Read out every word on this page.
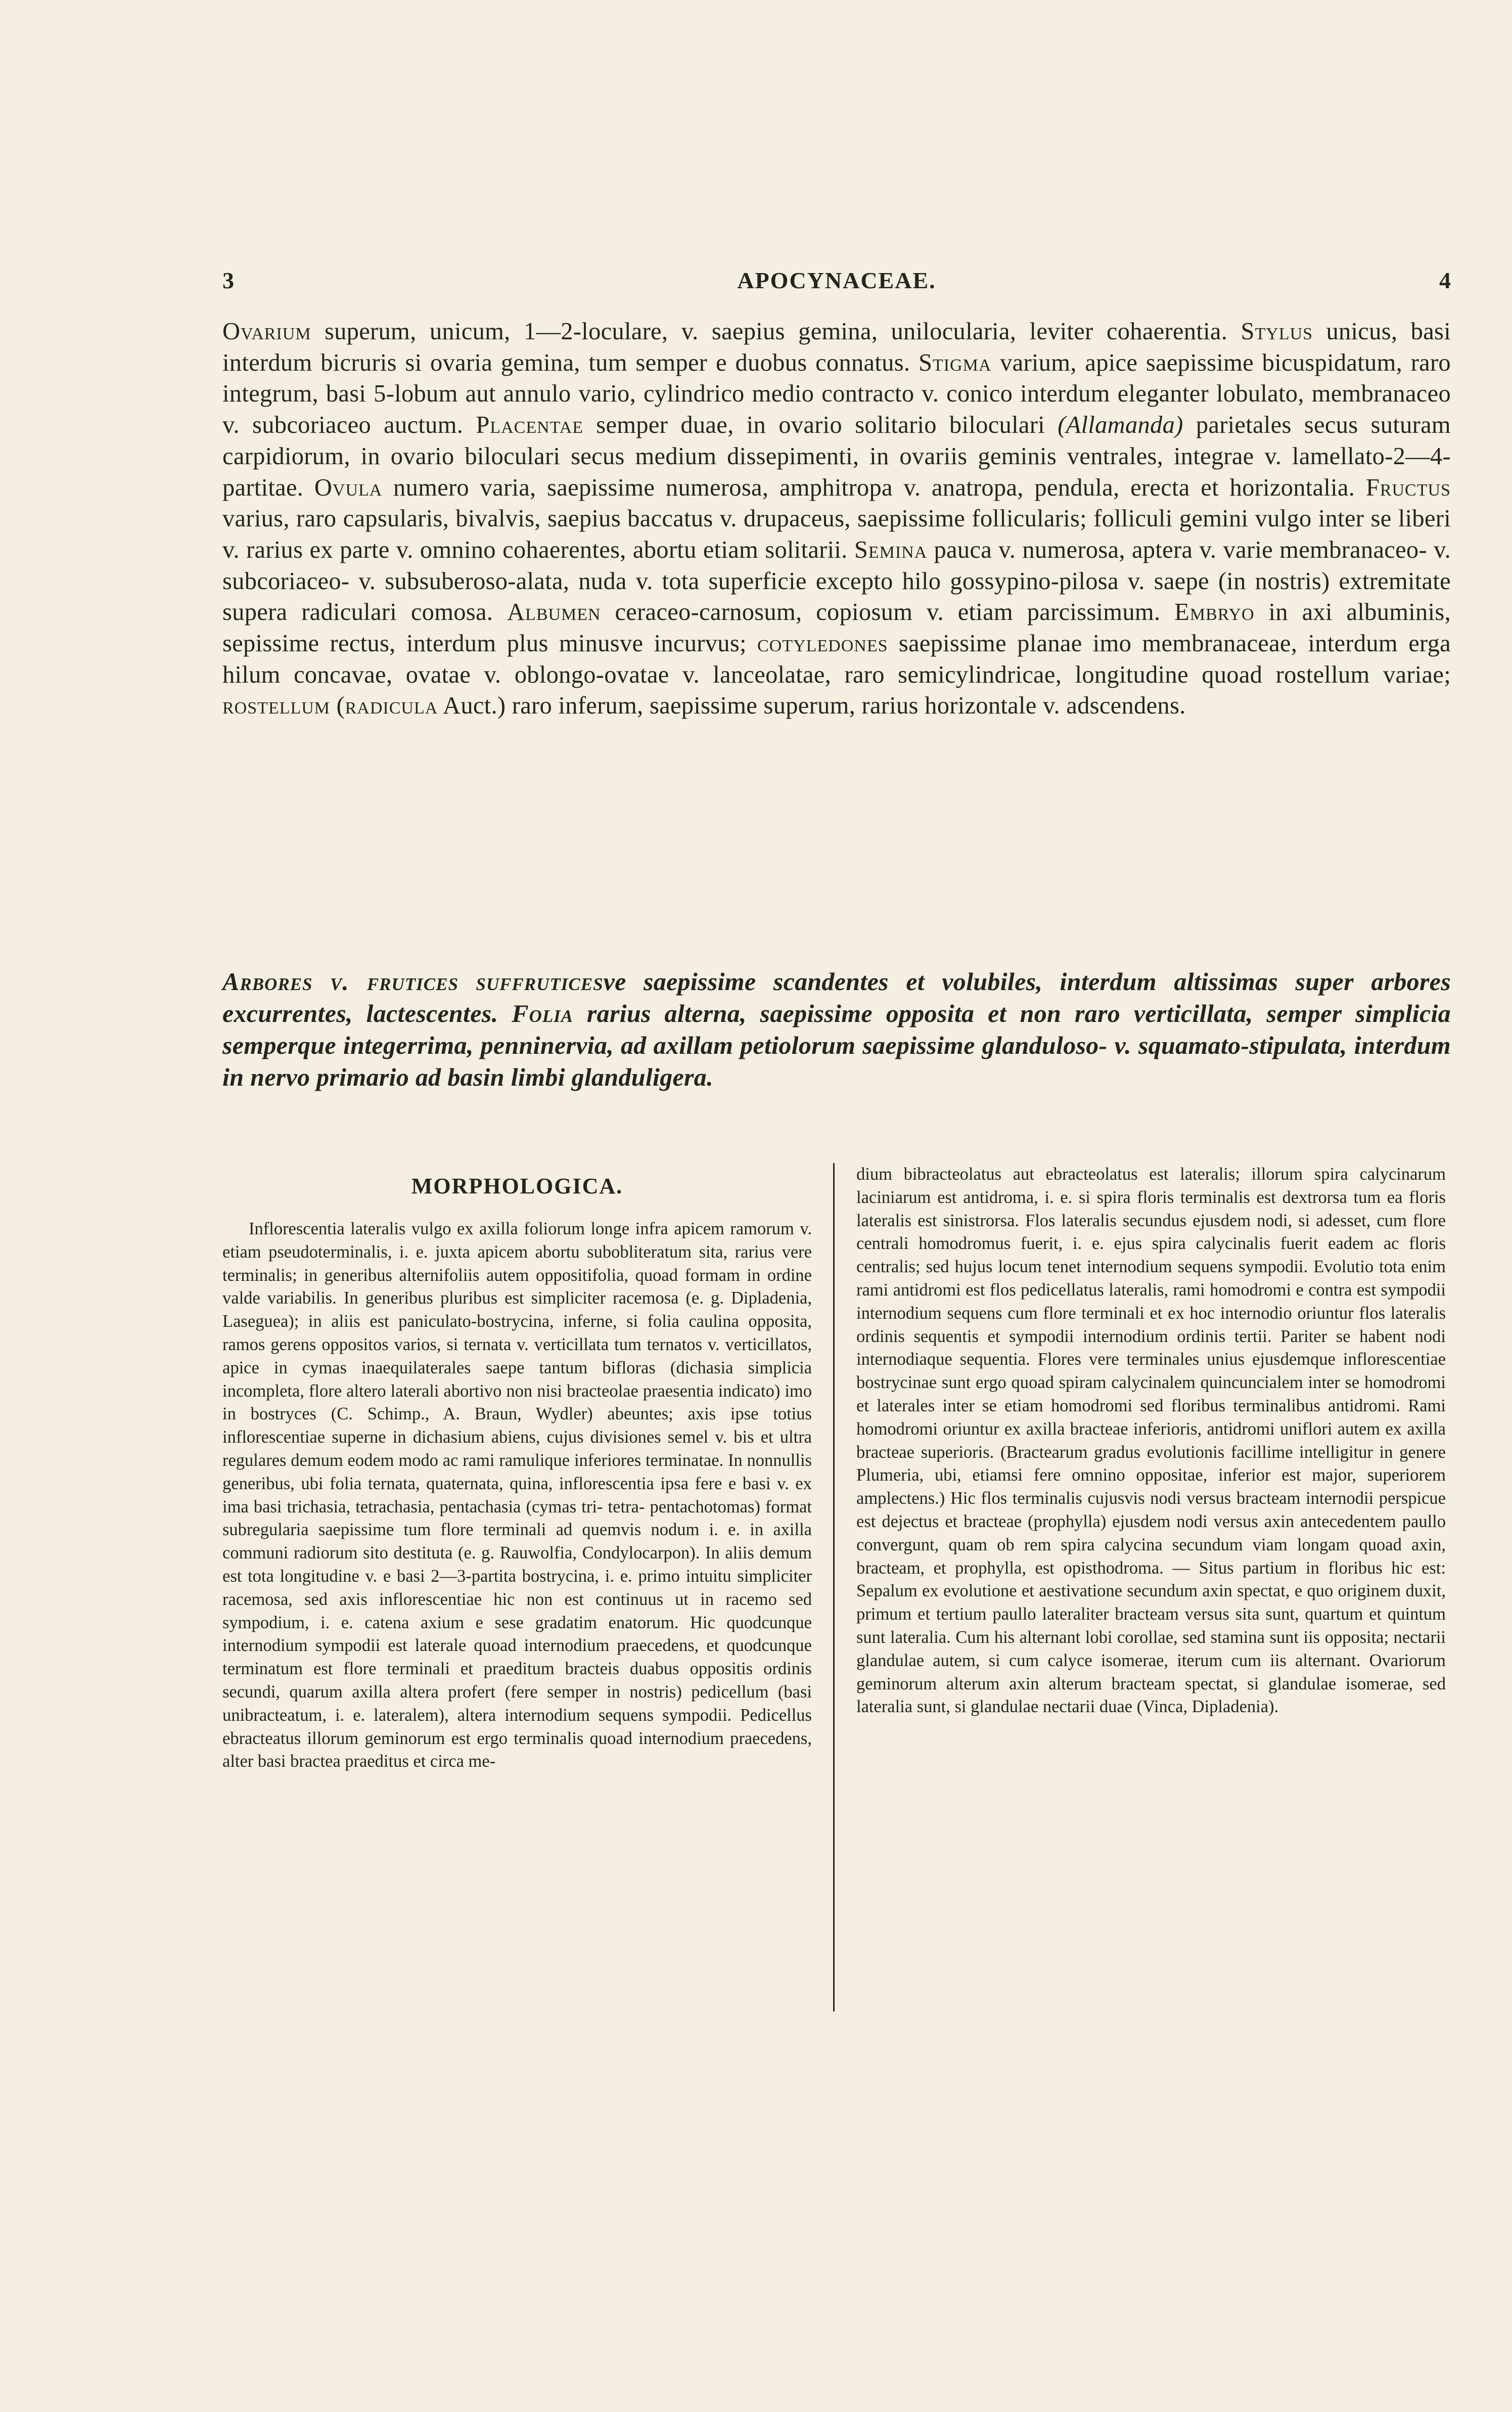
3	APOCYNACEAE.	4

Ovarium superum, unicum, 1—2-loculare, v. saepius gemina, unilocularia, leviter cohaerentia. Stylus unicus, basi interdum bicruris si ovaria gemina, tum semper e duobus connatus. Stigma varium, apice saepissime bicuspidatum, raro integrum, basi 5-lobum aut annulo vario, cylindrico medio contracto v. conico interdum eleganter lobulato, membranaceo v. subcoriaceo auctum. Placentae semper duae, in ovario solitario biloculari (Allamanda) parietales secus suturam carpidiorum, in ovario biloculari secus medium dissepimenti, in ovariis geminis ventrales, integrae v. lamellato-2—4-partitae. Ovula numero varia, saepissime numerosa, amphitropa v. anatropa, pendula, erecta et horizontalia. Fructus varius, raro capsularis, bivalvis, saepius baccatus v. drupaceus, saepissime follicularis; folliculi gemini vulgo inter se liberi v. rarius ex parte v. omnino cohaerentes, abortu etiam solitarii. Semina pauca v. numerosa, aptera v. varie membranaceo- v. subcoriaceo- v. subsuberoso-alata, nuda v. tota superficie excepto hilo gossypino-pilosa v. saepe (in nostris) extremitate supera radiculari comosa. Albumen ceraceo-carnosum, copiosum v. etiam parcissimum. Embryo in axi albuminis, sepissime rectus, interdum plus minusve incurvus; cotyledones saepissime planae imo membranaceae, interdum erga hilum concavae, ovatae v. oblongo-ovatae v. lanceolatae, raro semicylindricae, longitudine quoad rostellum variae; rostellum (radicula Auct.) raro inferum, saepissime superum, rarius horizontale v. adscendens.

Arbores v. frutices suffruticesve saepissime scandentes et volubiles, interdum altissimas super arbores excurrentes, lactescentes. Folia rarius alterna, saepissime opposita et non raro verticillata, semper simplicia semperque integerrima, penninervia, ad axillam petiolorum saepissime glanduloso- v. squamato-stipulata, interdum in nervo primario ad basin limbi glanduligera.
MORPHOLOGICA.

Inflorescentia lateralis vulgo ex axilla foliorum longe infra apicem ramorum v. etiam pseudoterminalis, i. e. juxta apicem abortu subobliteratum sita, rarius vere terminalis; in generibus alternifoliis autem oppositifolia, quoad formam in ordine valde variabilis. In generibus pluribus est simpliciter racemosa (e. g. Dipladenia, Laseguea); in aliis est paniculato-bostrycina, inferne, si folia caulina opposita, ramos gerens oppositos varios, si ternata v. verticillata tum ternatos v. verticillatos, apice in cymas inaequilaterales saepe tantum bifloras (dichasia simplicia incompleta, flore altero laterali abortivo non nisi bracteolae praesentia indicato) imo in bostryces (C. Schimp., A. Braun, Wydler) abeuntes; axis ipse totius inflorescentiae superne in dichasium abiens, cujus divisiones semel v. bis et ultra regulares demum eodem modo ac rami ramulique inferiores terminatae. In nonnullis generibus, ubi folia ternata, quaternata, quina, inflorescentia ipsa fere e basi v. ex ima basi trichasia, tetrachasia, pentachasia (cymas tri- tetra- pentachotomas) format subregularia saepissime tum flore terminali ad quemvis nodum i. e. in axilla communi radiorum sito destituta (e. g. Rauwolfia, Condylocarpon). In aliis demum est tota longitudine v. e basi 2—3-partita bostrycina, i. e. primo intuitu simpliciter racemosa, sed axis inflorescentiae hic non est continuus ut in racemo sed sympodium, i. e. catena axium e sese gradatim enatorum. Hic quodcunque internodium sympodii est laterale quoad internodium praecedens, et quodcunque terminatum est flore terminali et praeditum bracteis duabus oppositis ordinis secundi, quarum axilla altera profert (fere semper in nostris) pedicellum (basi unibracteatum, i. e. lateralem), altera internodium sequens sympodii. Pedicellus ebracteatus illorum geminorum est ergo terminalis quoad internodium praecedens, alter basi bractea praeditus et circa me-

dium bibracteolatus aut ebracteolatus est lateralis; illorum spira calycinarum laciniarum est antidroma, i. e. si spira floris terminalis est dextrorsa tum ea floris lateralis est sinistrorsa. Flos lateralis secundus ejusdem nodi, si adesset, cum flore centrali homodromus fuerit, i. e. ejus spira calycinalis fuerit eadem ac floris centralis; sed hujus locum tenet internodium sequens sympodii. Evolutio tota enim rami antidromi est flos pedicellatus lateralis, rami homodromi e contra est sympodii internodium sequens cum flore terminali et ex hoc internodio oriuntur flos lateralis ordinis sequentis et sympodii internodium ordinis tertii. Pariter se habent nodi internodiaque sequentia. Flores vere terminales unius ejusdemque inflorescentiae bostrycinae sunt ergo quoad spiram calycinalem quincuncialem inter se homodromi et laterales inter se etiam homodromi sed floribus terminalibus antidromi. Rami homodromi oriuntur ex axilla bracteae inferioris, antidromi uniflori autem ex axilla bracteae superioris. (Bractearum gradus evolutionis facillime intelligitur in genere Plumeria, ubi, etiamsi fere omnino oppositae, inferior est major, superiorem amplectens.) Hic flos terminalis cujusvis nodi versus bracteam internodii perspicue est dejectus et bracteae (prophylla) ejusdem nodi versus axin antecedentem paullo convergunt, quam ob rem spira calycina secundum viam longam quoad axin, bracteam, et prophylla, est opisthodroma. — Situs partium in floribus hic est: Sepalum ex evolutione et aestivatione secundum axin spectat, e quo originem duxit, primum et tertium paullo lateraliter bracteam versus sita sunt, quartum et quintum sunt lateralia. Cum his alternant lobi corollae, sed stamina sunt iis opposita; nectarii glandulae autem, si cum calyce isomerae, iterum cum iis alternant. Ovariorum geminorum alterum axin alterum bracteam spectat, si glandulae isomerae, sed lateralia sunt, si glandulae nectarii duae (Vinca, Dipladenia).
